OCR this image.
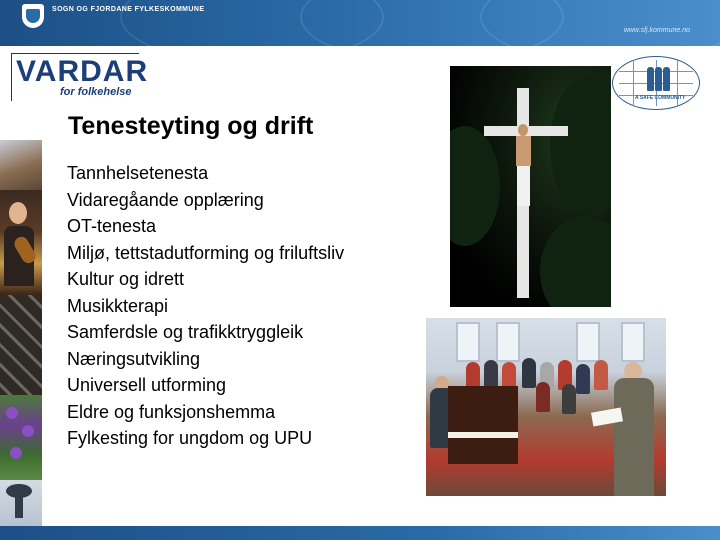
SOGN OG FJORDANE FYLKESKOMMUNE
www.sfj.kommune.no
VARDAR
for folkehelse
Tenesteyting og drift
Tannhelsetenesta
Vidaregåande opplæring
OT-tenesta
Miljø, tettstadutforming og friluftsliv
Kultur og idrett
Musikkterapi
Samferdsle og trafikktryggleik
Næringsutvikling
Universell utforming
Eldre og funksjonshemma
Fylkesting for ungdom og UPU
A SAFE COMMUNITY
